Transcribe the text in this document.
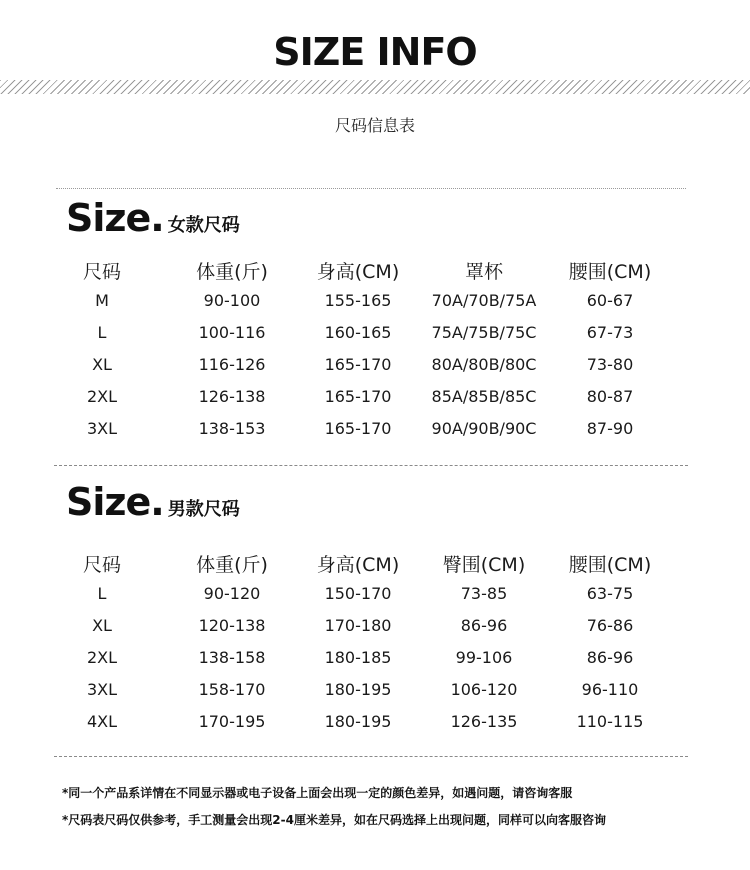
SIZE INFO
尺码信息表
Size. 女款尺码
尺码	体重(斤)	身高(CM)	罩杯	腰围(CM)
M	90-100	155-165	70A/70B/75A	60-67
L	100-116	160-165	75A/75B/75C	67-73
XL	116-126	165-170	80A/80B/80C	73-80
2XL	126-138	165-170	85A/85B/85C	80-87
3XL	138-153	165-170	90A/90B/90C	87-90
Size. 男款尺码
尺码	体重(斤)	身高(CM) 臀围(CM) 腰围(CM)
L	90-120	150-170	73-85	63-75
XL	120-138	170-180	86-96	76-86
2XL	138-158	180-185	99-106	86-96
3XL	158-170	180-195	106-120	96-110
4XL	170-195	180-195	126-135	110-115
*同一个产品系详情在不同显示器或电子设备上面会出现一定的颜色差异，如遇问题，请咨询客服
*尺码表尺码仅供参考，手工测量会出现2-4厘米差异，如在尺码选择上出现问题，同样可以向客服咨询
